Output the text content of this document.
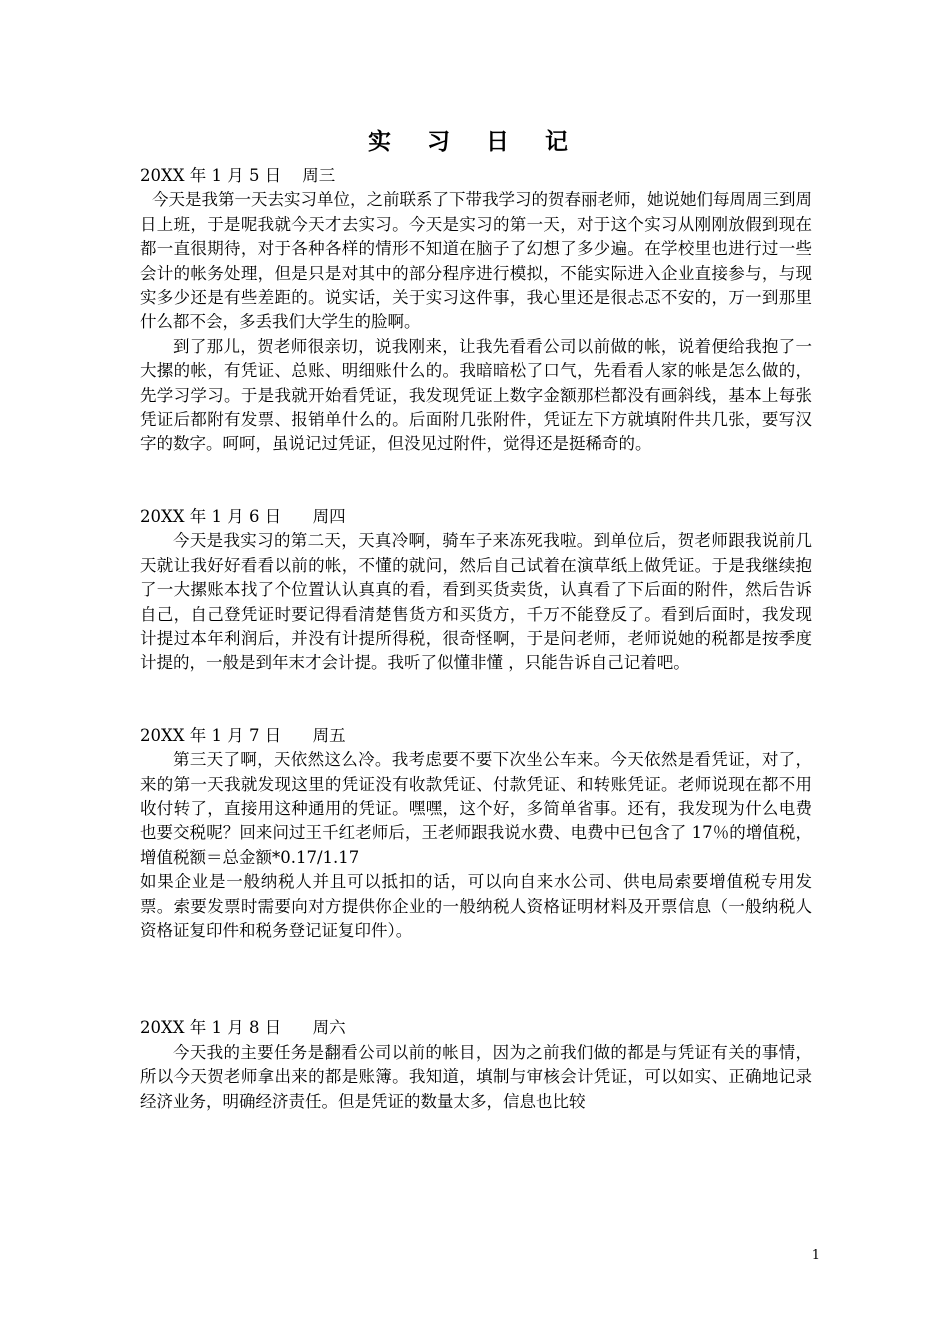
实 习 日 记

20XX 年 1 月 5 日    周三

今天是我第一天去实习单位，之前联系了下带我学习的贺春丽老师，她说她们每周周三到周日上班，于是呢我就今天才去实习。今天是实习的第一天，对于这个实习从刚刚放假到现在都一直很期待，对于各种各样的情形不知道在脑子了幻想了多少遍。在学校里也进行过一些会计的帐务处理，但是只是对其中的部分程序进行模拟，不能实际进入企业直接参与，与现实多少还是有些差距的。说实话，关于实习这件事，我心里还是很忐忑不安的，万一到那里什么都不会，多丢我们大学生的脸啊。

到了那儿，贺老师很亲切，说我刚来，让我先看看公司以前做的帐，说着便给我抱了一大摞的帐，有凭证、总账、明细账什么的。我暗暗松了口气，先看看人家的帐是怎么做的，先学习学习。于是我就开始看凭证，我发现凭证上数字金额那栏都没有画斜线，基本上每张凭证后都附有发票、报销单什么的。后面附几张附件，凭证左下方就填附件共几张，要写汉字的数字。呵呵，虽说记过凭证，但没见过附件，觉得还是挺稀奇的。

20XX 年 1 月 6 日      周四

今天是我实习的第二天，天真冷啊，骑车子来冻死我啦。到单位后，贺老师跟我说前几天就让我好好看看以前的帐，不懂的就问，然后自己试着在演草纸上做凭证。于是我继续抱了一大摞账本找了个位置认认真真的看，看到买货卖货，认真看了下后面的附件，然后告诉自己，自己登凭证时要记得看清楚售货方和买货方，千万不能登反了。看到后面时，我发现计提过本年利润后，并没有计提所得税，很奇怪啊，于是问老师，老师说她的税都是按季度计提的，一般是到年末才会计提。我听了似懂非懂 ，只能告诉自己记着吧。

20XX 年 1 月 7 日      周五

第三天了啊，天依然这么冷。我考虑要不要下次坐公车来。今天依然是看凭证，对了，来的第一天我就发现这里的凭证没有收款凭证、付款凭证、和转账凭证。老师说现在都不用收付转了，直接用这种通用的凭证。嘿嘿，这个好，多简单省事。还有，我发现为什么电费也要交税呢？回来问过王千红老师后，王老师跟我说水费、电费中已包含了 17％的增值税， 增值税额＝总金额*0.17/1.17

如果企业是一般纳税人并且可以抵扣的话，可以向自来水公司、供电局索要增值税专用发票。索要发票时需要向对方提供你企业的一般纳税人资格证明材料及开票信息（一般纳税人资格证复印件和税务登记证复印件）。

20XX 年 1 月 8 日      周六

今天我的主要任务是翻看公司以前的帐目，因为之前我们做的都是与凭证有关的事情，所以今天贺老师拿出来的都是账簿。我知道，填制与审核会计凭证，可以如实、正确地记录经济业务，明确经济责任。但是凭证的数量太多，信息也比较

1
